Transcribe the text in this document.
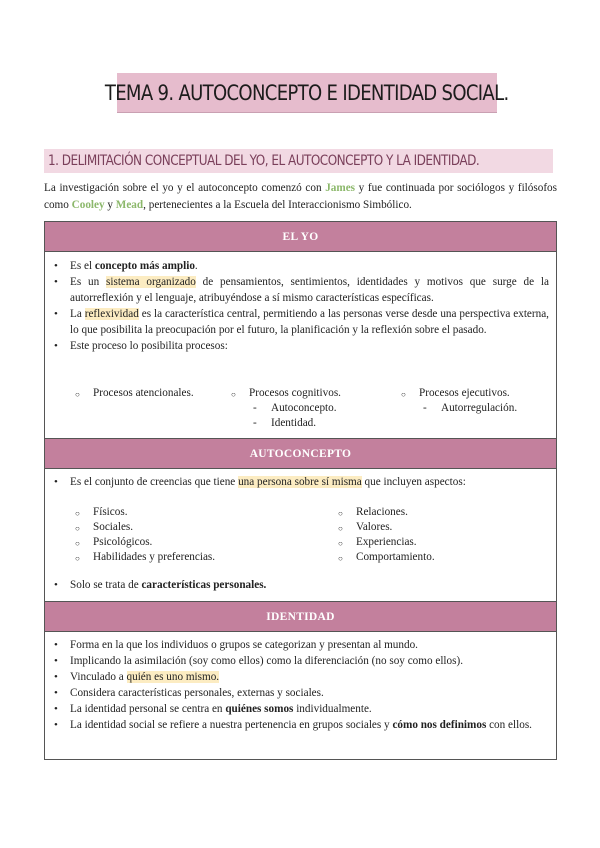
TEMA 9. AUTOCONCEPTO E IDENTIDAD SOCIAL.
1. DELIMITACIÓN CONCEPTUAL DEL YO, EL AUTOCONCEPTO Y LA IDENTIDAD.

La investigación sobre el yo y el autoconcepto comenzó con James y fue continuada por sociólogos y filósofos como Cooley y Mead, pertenecientes a la Escuela del Interaccionismo Simbólico.

EL YO
• Es el concepto más amplio.
• Es un sistema organizado de pensamientos, sentimientos, identidades y motivos que surge de la autorreflexión y el lenguaje, atribuyéndose a sí mismo características específicas.
• La reflexividad es la característica central, permitiendo a las personas verse desde una perspectiva externa, lo que posibilita la preocupación por el futuro, la planificación y la reflexión sobre el pasado.
• Este proceso lo posibilita procesos:
○ Procesos atencionales.
○	Procesos cognitivos.
- Autoconcepto.
- Identidad.
○ Procesos ejecutivos.
- Autorregulación.
AUTOCONCEPTO
• Es el conjunto de creencias que tiene una persona sobre sí misma que incluyen aspectos:
○ Físicos.
○ Sociales.
○ Psicológicos.
○ Habilidades y preferencias.
○ Relaciones.
○ Valores.
○ Experiencias.
○ Comportamiento.
• Solo se trata de características personales.
IDENTIDAD
• Forma en la que los individuos o grupos se categorizan y presentan al mundo.
• Implicando la asimilación (soy como ellos) como la diferenciación (no soy como ellos).
• Vinculado a quién es uno mismo.
• Considera características personales, externas y sociales.
• La identidad personal se centra en quiénes somos individualmente.
• La identidad social se refiere a nuestra pertenencia en grupos sociales y cómo nos definimos con ellos.
